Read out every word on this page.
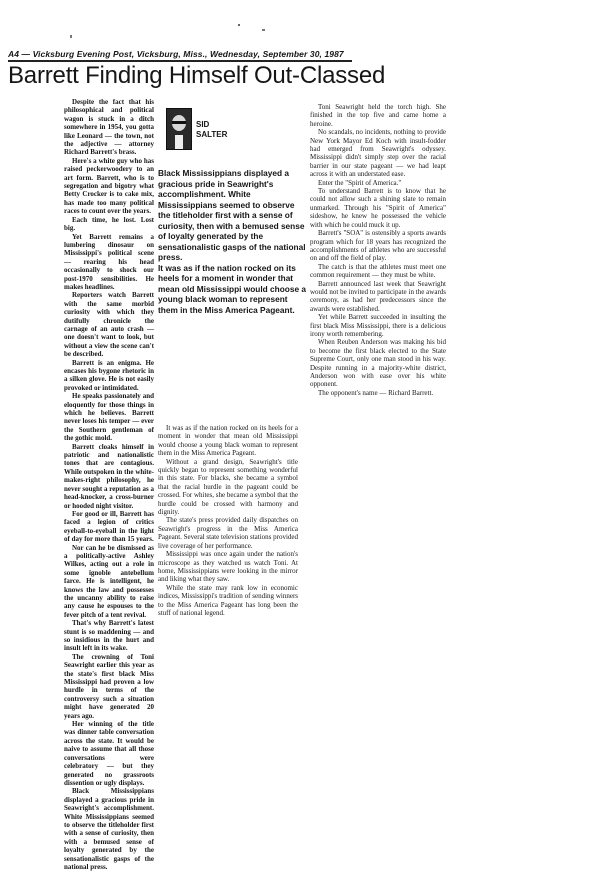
A4 — Vicksburg Evening Post, Vicksburg, Miss., Wednesday, September 30, 1987
Barrett Finding Himself Out-Classed

Despite the fact that his philosophical and political wagon is stuck in a ditch somewhere in 1954, you gotta like Leonard — the town, not the adjective — attorney Richard Barrett's brass.

Here's a white guy who has raised peckerwoodery to an art form. Barrett, who is to segregation and bigotry what Betty Crocker is to cake mix, has made too many political races to count over the years.

Each time, he lost. Lost big.

Yet Barrett remains a lumbering dinosaur on Mississippi's political scene — rearing his head occasionally to shock our post-1970 sensibilities. He makes headlines.

Reporters watch Barrett with the same morbid curiosity with which they dutifully chronicle the carnage of an auto crash — one doesn't want to look, but without a view the scene can't be described.

Barrett is an enigma. He encases his bygone rhetoric in a silken glove. He is not easily provoked or intimidated.

He speaks passionately and eloquently for those things in which he believes. Barrett never loses his temper — ever the Southern gentleman of the gothic mold.

Barrett cloaks himself in patriotic and nationalistic tones that are contagious. While outspoken in the white-makes-right philosophy, he never sought a reputation as a head-knocker, a cross-burner or hooded night visitor.

For good or ill, Barrett has faced a legion of critics eyeball-to-eyeball in the light of day for more than 15 years.

Nor can he be dismissed as a politically-active Ashley Wilkes, acting out a role in some ignoble antebellum farce. He is intelligent, he knows the law and possesses the uncanny ability to raise any cause he espouses to the fever pitch of a tent revival.

That's why Barrett's latest stunt is so maddening — and so insidious in the hurt and insult left in its wake.

The crowning of Toni Seawright earlier this year as the state's first black Miss Mississippi had proven a low hurdle in terms of the controversy such a situation might have generated 20 years ago.

Her winning of the title was dinner table conversation across the state. It would be naive to assume that all those conversations were celebratory — but they generated no grassroots dissention or ugly displays.

Black Mississippians displayed a gracious pride in Seawright's accomplishment. White Mississippians seemed to observe the titleholder first with a sense of curiosity, then with a bemused sense of loyalty generated by the sensationalistic gasps of the national press.

SID
SALTER

Black Mississippians displayed a gracious pride in Seawright's accomplishment. White Mississippians seemed to observe the titleholder first with a sense of curiosity, then with a bemused sense of loyalty generated by the sensationalistic gasps of the national press.

It was as if the nation rocked on its heels for a moment in wonder that mean old Mississippi would choose a young black woman to represent them in the Miss America Pageant.

It was as if the nation rocked on its heels for a moment in wonder that mean old Mississippi would choose a young black woman to represent them in the Miss America Pageant.

Without a grand design, Seawright's title quickly began to represent something wonderful in this state. For blacks, she became a symbol that the racial hurdle in the pageant could be crossed. For whites, she became a symbol that the hurdle could be crossed with harmony and dignity.

The state's press provided daily dispatches on Seawright's progress in the Miss America Pageant. Several state television stations provided live coverage of her performance.

Mississippi was once again under the nation's microscope as they watched us watch Toni. At home, Mississippians were looking in the mirror and liking what they saw.

While the state may rank low in economic indices, Mississippi's tradition of sending winners to the Miss America Pageant has long been the stuff of national legend.

Toni Seawright held the torch high. She finished in the top five and came home a heroine.

No scandals, no incidents, nothing to provide New York Mayor Ed Koch with insult-fodder had emerged from Seawright's odyssey. Mississippi didn't simply step over the racial barrier in our state pageant — we had leapt across it with an understated ease.

Enter the "Spirit of America."

To understand Barrett is to know that he could not allow such a shining slate to remain unmarked. Through his "Spirit of America" sideshow, he knew he possessed the vehicle with which he could muck it up.

Barrett's "SOA" is ostensibly a sports awards program which for 18 years has recognized the accomplishments of athletes who are successful on and off the field of play.

The catch is that the athletes must meet one common requirement — they must be white.

Barrett announced last week that Seawright would not be invited to participate in the awards ceremony, as had her predecessors since the awards were established.

Yet while Barrett succeeded in insulting the first black Miss Mississippi, there is a delicious irony worth remembering.

When Reuben Anderson was making his bid to become the first black elected to the State Supreme Court, only one man stood in his way. Despite running in a majority-white district, Anderson won with ease over his white opponent.

The opponent's name — Richard Barrett.
